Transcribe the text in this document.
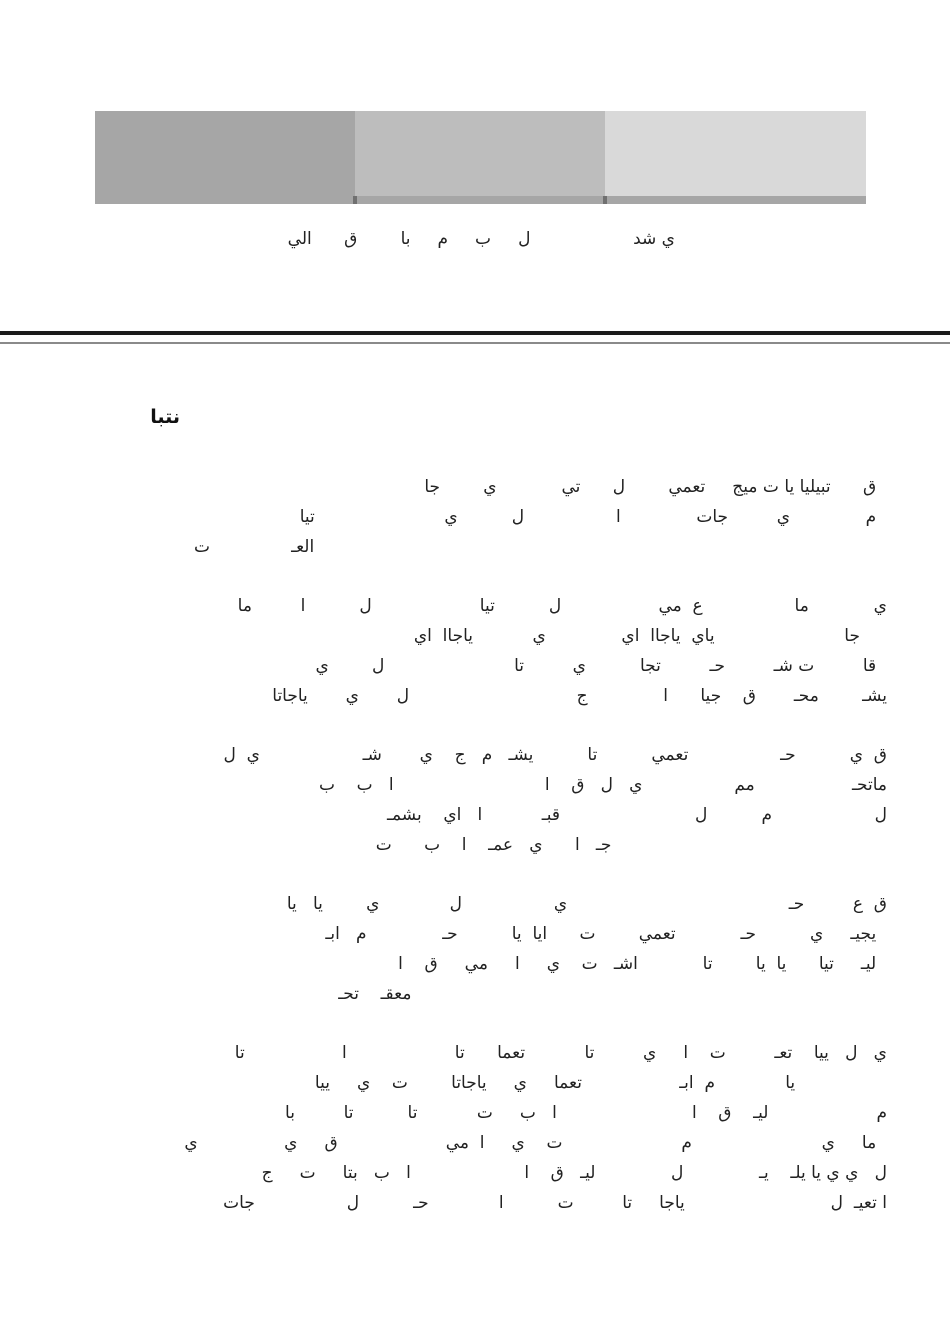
ي شد                   ل     ب     م     با        ق      الي
نتبا
ق      تبيليا يا ت ميج     تعمي        ل      تي            ي        جا
م              ي         جات              ا                 ل          ي                        تيا
العـ               ت
ي            ما                 ع  مي                  ل          تيا                    ل          ا         ما
جا                        ياي  ياجاا  اي              ي           ياجاا  اي
قا         ت شـ         حـ         تجا          ي         تا                        ل        ي
يشـ        محـ       ق    جيا      ا              ج                               ل       ي       ياجاتا
ق  ي          حـ                 تعمي          تا          يشـ   م   ج    ي       شـ                   ي  ل
ماتحـ                  مم                 ي   ل   ق    ا                            ا   ب    ب
ل                   م          ل                         قبـ           ا   اي    بشمـ
جـ   ا      ي   عمـ    ا    ب      ت
ق  ع         حـ                                         ي                 ل             ي        يا   يا
يجيـ     ي          حـ            تعمي        ت      ايا  يا          حـ              م   ابـ
ليـ     تيا      يا  يا        تا            اشـ   ت    ي     ا     مي     ق    ا
معقـ    تحـ
ي   ل   ييا    تعـ         ت    ا     ي         تا           تعما      تا                    ا                  تا
يا             م  ابـ                  تعما     ي     ياجاتا        ت    ي     ييا
م                    ليـ    ق    ا                         ا   ب     ت           تا          تا         با
ما     ي                        م                      ت    ي     ا  مي                    ق     ي                ي
ل   ي ي يا يلـ    يـ              ل              ليـ   ق    ا                     ا   ب   بتا     ت     ج
ا تعيـ  ل                           ياجا     تا         ت          ا             حـ          ل                 جات
